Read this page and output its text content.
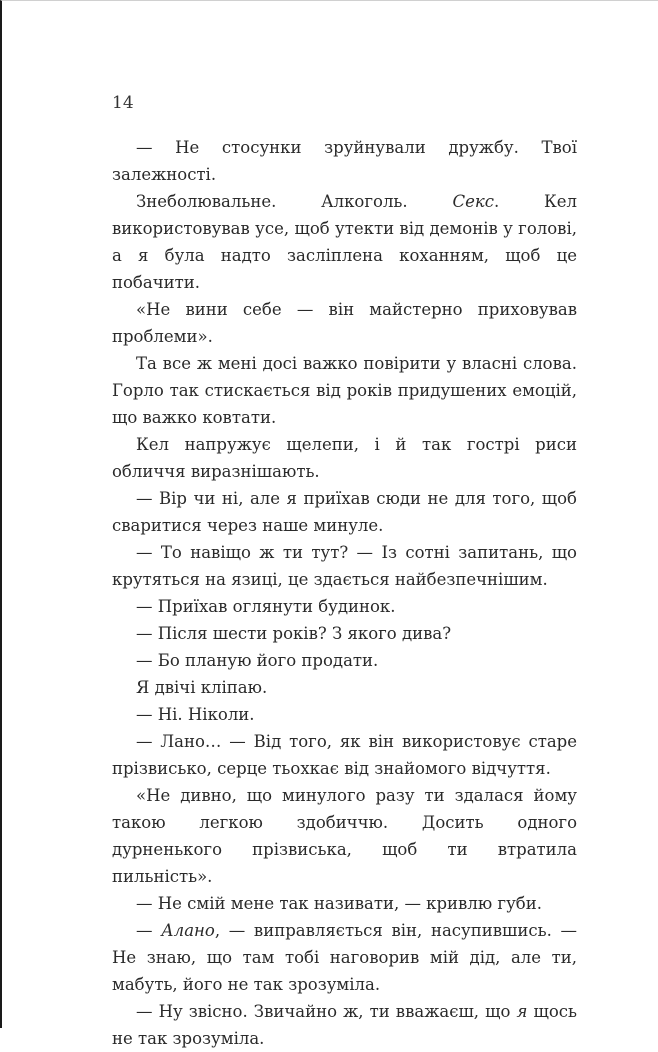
14

— Не стосунки зруйнували дружбу. Твої залежності.

Знеболювальне. Алкоголь. Секс. Кел використовував усе, щоб утекти від демонів у голові, а я була надто засліплена коханням, щоб це побачити.

«Не вини себе — він майстерно приховував проблеми».

Та все ж мені досі важко повірити у власні слова. Горло так стискається від років придушених емоцій, що важко ковтати.

Кел напружує щелепи, і й так гострі риси обличчя виразнішають.

— Вір чи ні, але я приїхав сюди не для того, щоб сваритися через наше минуле.

— То навіщо ж ти тут? — Із сотні запитань, що крутяться на язиці, це здається найбезпечнішим.

— Приїхав оглянути будинок.

— Після шести років? З якого дива?

— Бо планую його продати.

Я двічі кліпаю.

— Ні. Ніколи.

— Лано… — Від того, як він використовує старе прізвисько, серце тьохкає від знайомого відчуття.

«Не дивно, що минулого разу ти здалася йому такою легкою здобиччю. Досить одного дурненького прізвиська, щоб ти втратила пильність».

— Не смій мене так називати, — кривлю губи.

— Алано, — виправляється він, насупившись. — Не знаю, що там тобі наговорив мій дід, але ти, мабуть, його не так зрозуміла.

— Ну звісно. Звичайно ж, ти вважаєш, що я щось не так зрозуміла.
